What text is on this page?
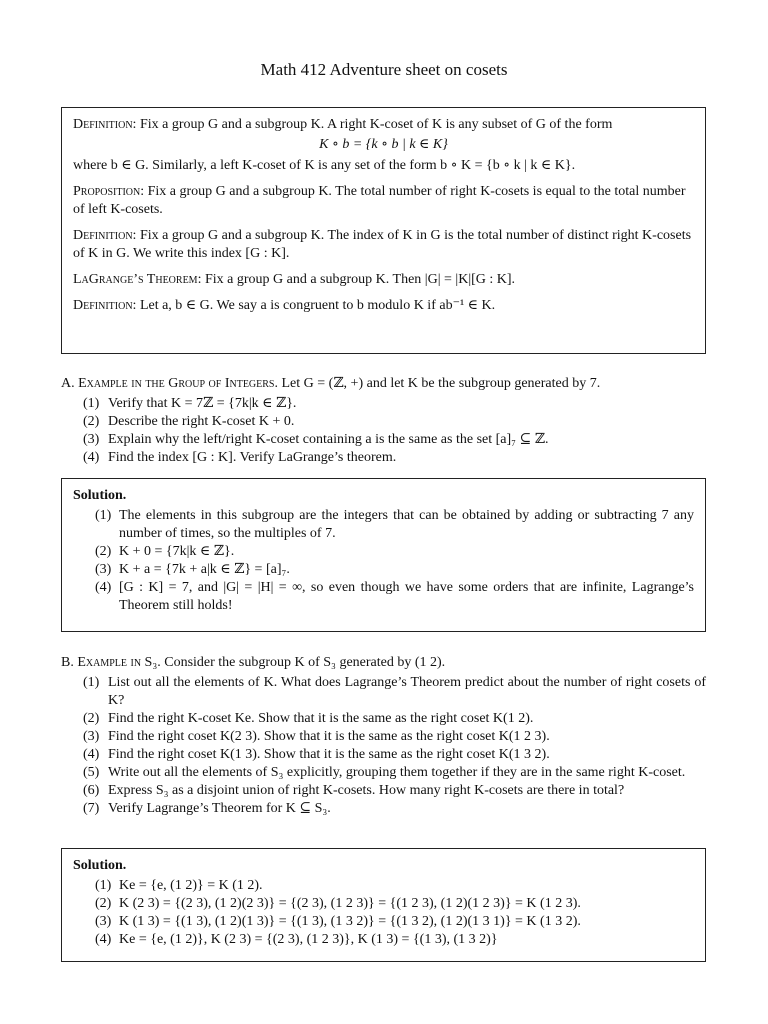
Math 412 Adventure sheet on cosets

Definition: Fix a group G and a subgroup K. A right K-coset of K is any subset of G of the form

K ∘ b = {k ∘ b | k ∈ K}

where b ∈ G. Similarly, a left K-coset of K is any set of the form b ∘ K = {b ∘ k | k ∈ K}.

Proposition: Fix a group G and a subgroup K. The total number of right K-cosets is equal to the total number of left K-cosets.

Definition: Fix a group G and a subgroup K. The index of K in G is the total number of distinct right K-cosets of K in G. We write this index [G : K].

LaGrange’s Theorem: Fix a group G and a subgroup K. Then |G| = |K|[G : K].

Definition: Let a, b ∈ G. We say a is congruent to b modulo K if ab⁻¹ ∈ K.

A. Example in the Group of Integers. Let G = (ℤ, +) and let K be the subgroup generated by 7.

(1) Verify that K = 7ℤ = {7k|k ∈ ℤ}.
(2) Describe the right K-coset K + 0.
(3) Explain why the left/right K-coset containing a is the same as the set [a]₇ ⊆ ℤ.
(4) Find the index [G : K]. Verify LaGrange’s theorem.

Solution.

(1) The elements in this subgroup are the integers that can be obtained by adding or subtracting 7 any number of times, so the multiples of 7.
(2) K + 0 = {7k|k ∈ ℤ}.
(3) K + a = {7k + a|k ∈ ℤ} = [a]₇.
(4) [G : K] = 7, and |G| = |H| = ∞, so even though we have some orders that are infinite, Lagrange’s Theorem still holds!

B. Example in S₃. Consider the subgroup K of S₃ generated by (1 2).

(1) List out all the elements of K. What does Lagrange’s Theorem predict about the number of right cosets of K?
(2) Find the right K-coset Ke. Show that it is the same as the right coset K(1 2).
(3) Find the right coset K(2 3). Show that it is the same as the right coset K(1 2 3).
(4) Find the right coset K(1 3). Show that it is the same as the right coset K(1 3 2).
(5) Write out all the elements of S₃ explicitly, grouping them together if they are in the same right K-coset.
(6) Express S₃ as a disjoint union of right K-cosets. How many right K-cosets are there in total?
(7) Verify Lagrange’s Theorem for K ⊆ S₃.

Solution.

(1) Ke = {e, (1 2)} = K (1 2).
(2) K (2 3) = {(2 3), (1 2)(2 3)} = {(2 3), (1 2 3)} = {(1 2 3), (1 2)(1 2 3)} = K (1 2 3).
(3) K (1 3) = {(1 3), (1 2)(1 3)} = {(1 3), (1 3 2)} = {(1 3 2), (1 2)(1 3 1)} = K (1 3 2).
(4) Ke = {e, (1 2)}, K (2 3) = {(2 3), (1 2 3)}, K (1 3) = {(1 3), (1 3 2)}
